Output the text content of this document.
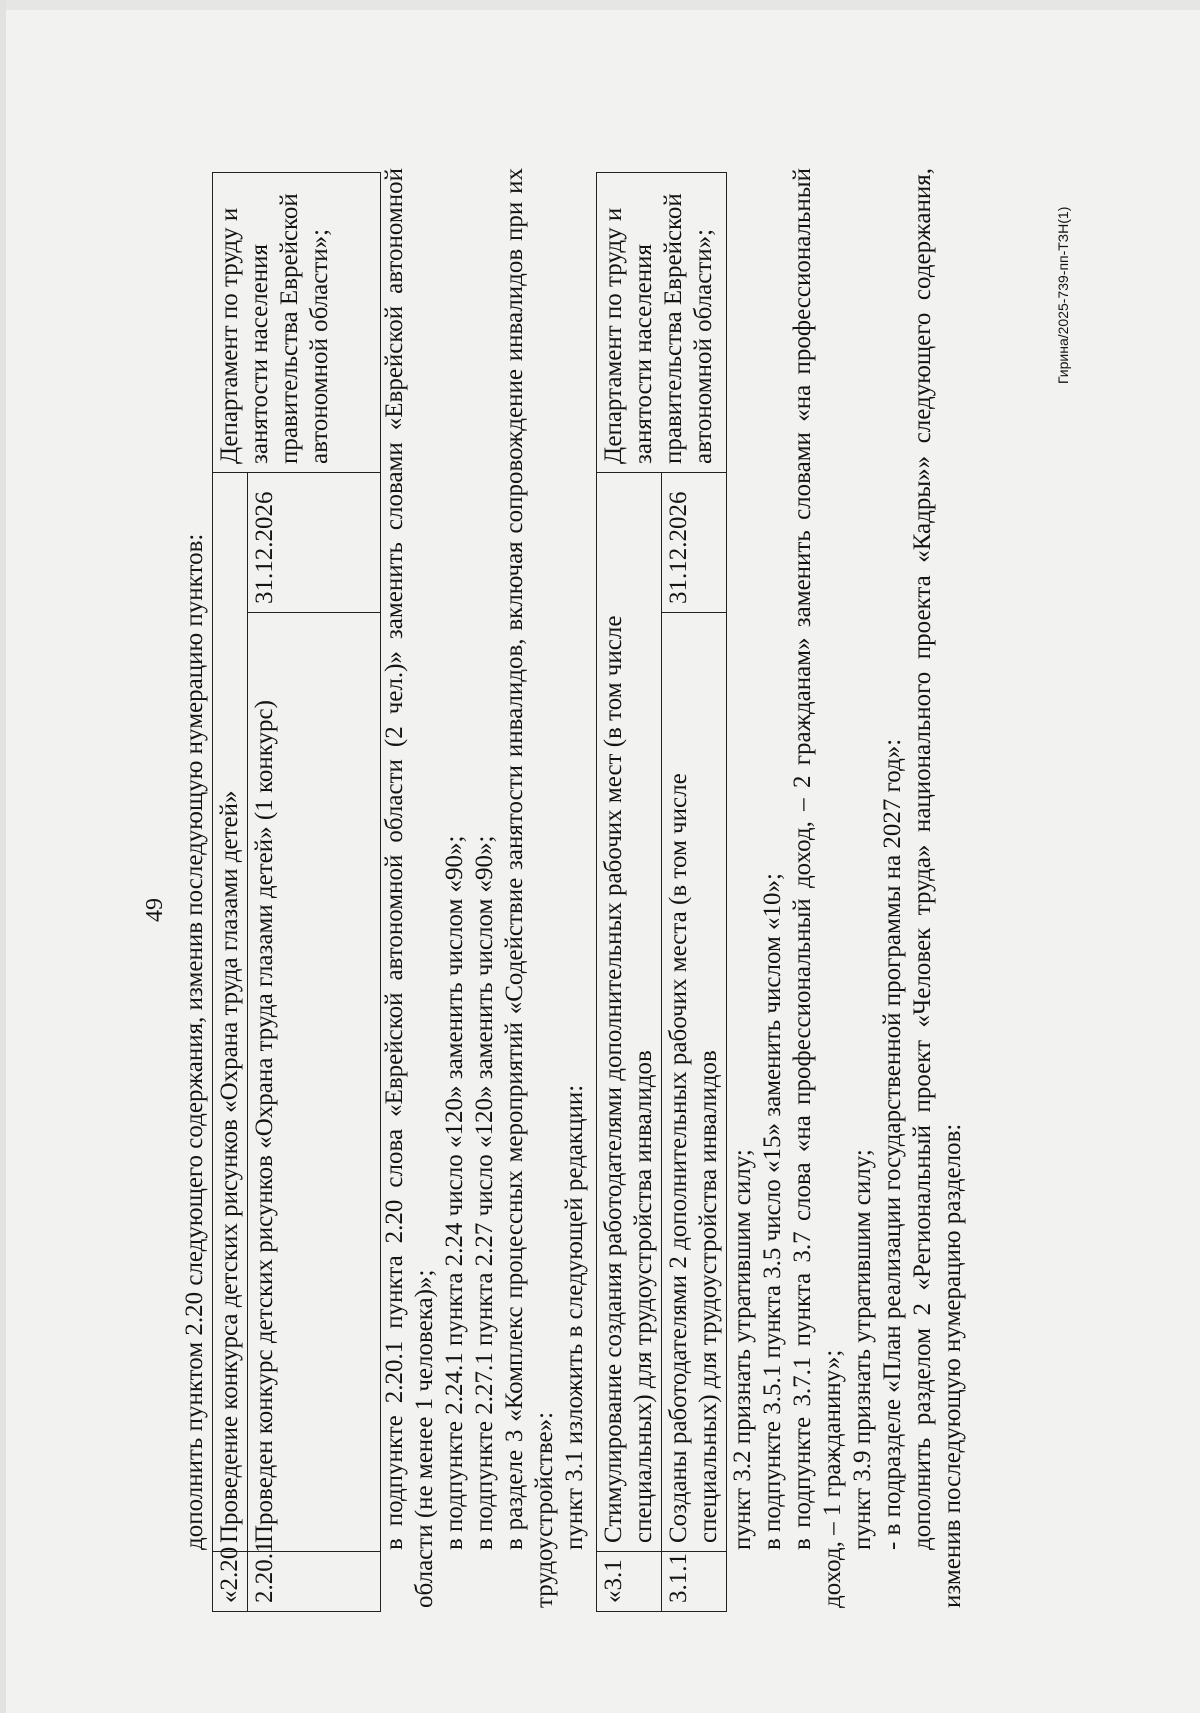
49 дополнить пунктом 2.20 следующего содержания, изменив последующую нумерацию пунктов:
«2.20	Проведение конкурса детских рисунков «Охрана труда глазами детей»		Департамент по труду и занятости населения правительства Еврейской автономной области»;
2.20.1	Проведен конкурс детских рисунков «Охрана труда глазами детей» (1 конкурс)	31.12.2026		в подпункте 2.20.1 пункта 2.20 слова «Еврейской автономной области (2 чел.)» заменить словами «Еврейской автономной области (не менее 1 человека)»; в подпункте 2.24.1 пункта 2.24 число «120» заменить числом «90»; в подпункте 2.27.1 пункта 2.27 число «120» заменить числом «90»; в разделе 3 «Комплекс процессных мероприятий «Содействие занятости инвалидов, включая сопровождение инвалидов при их трудоустройстве»: пункт 3.1 изложить в следующей редакции:
«3.1	Стимулирование создания работодателями дополнительных рабочих мест (в том числе специальных) для трудоустройства инвалидов		Департамент по труду и занятости населения правительства Еврейской автономной области»;
3.1.1	Созданы работодателями 2 дополнительных рабочих места (в том числе специальных) для трудоустройства инвалидов	31.12.2026	
пункт 3.2 признать утратившим силу; в подпункте 3.5.1 пункта 3.5 число «15» заменить числом «10»; в подпункте 3.7.1 пункта 3.7 слова «на профессиональный доход, – 2 гражданам» заменить словами «на профессиональный доход, – 1 гражданину»; пункт 3.9 признать утратившим силу; - в подразделе «План реализации государственной программы на 2027 год»: дополнить разделом 2 «Региональный проект «Человек труда» национального проекта «Кадры»» следующего содержания, изменив последующую нумерацию разделов:
Гирина/2025-739-пп-ТЗН(1)
